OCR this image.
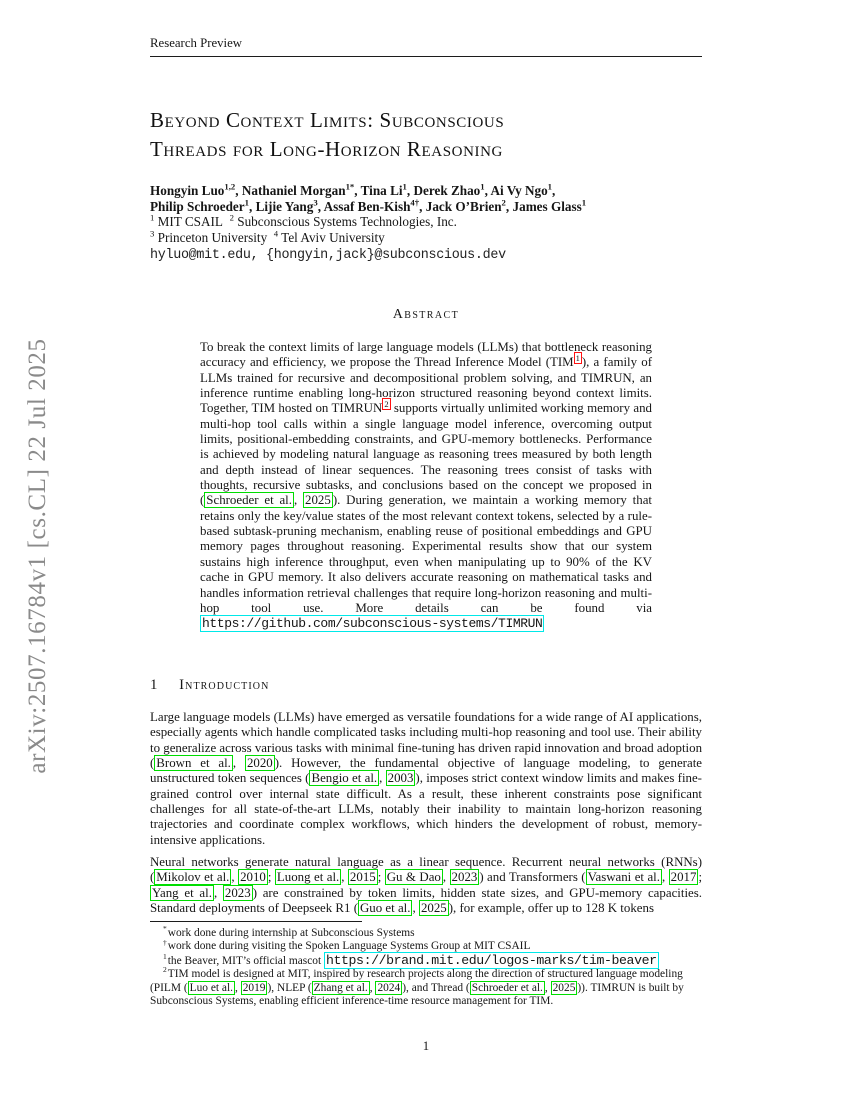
arXiv:2507.16784v1 [cs.CL] 22 Jul 2025
Research Preview
Beyond Context Limits: Subconscious
Threads for Long-Horizon Reasoning
Hongyin Luo$^{1,2}$, Nathaniel Morgan$^{1*}$, Tina Li$^1$, Derek Zhao$^1$, Ai Vy Ngo$^1$,
Philip Schroeder$^1$, Lijie Yang$^3$, Assaf Ben-Kish$^{4\dagger}$, Jack O’Brien$^2$, James Glass$^1$
$^1$ MIT CSAIL  $^2$ Subconscious Systems Technologies, Inc.
$^3$ Princeton University  $^4$ Tel Aviv University
hyluo@mit.edu, {hongyin,jack}@subconscious.dev
Abstract
To break the context limits of large language models (LLMs) that bottleneck reasoning accuracy and efficiency, we propose the Thread Inference Model (TIM $^1$ ), a family of LLMs trained for recursive and decompositional problem solving, and TIMRUN, an inference runtime enabling long-horizon structured reasoning beyond context limits. Together, TIM hosted on TIMRUN $^2$ supports virtually unlimited working memory and multi-hop tool calls within a single language model inference, overcoming output limits, positional-embedding constraints, and GPU-memory bottlenecks. Performance is achieved by modeling natural language as reasoning trees measured by both length and depth instead of linear sequences. The reasoning trees consist of tasks with thoughts, recursive subtasks, and conclusions based on the concept we proposed in ( Schroeder et al. , 2025 ). During generation, we maintain a working memory that retains only the key/value states of the most relevant context tokens, selected by a rule-based subtask-pruning mechanism, enabling reuse of positional embeddings and GPU memory pages throughout reasoning. Experimental results show that our system sustains high inference throughput, even when manipulating up to 90% of the KV cache in GPU memory. It also delivers accurate reasoning on mathematical tasks and handles information retrieval challenges that require long-horizon reasoning and multi-hop tool use. More details can be found via https://github.com/subconscious-systems/TIMRUN
1 Introduction
Large language models (LLMs) have emerged as versatile foundations for a wide range of AI applications, especially agents which handle complicated tasks including multi-hop reasoning and tool use. Their ability to generalize across various tasks with minimal fine-tuning has driven rapid innovation and broad adoption ( Brown et al. , 2020 ). However, the fundamental objective of language modeling, to generate unstructured token sequences ( Bengio et al. , 2003 ), imposes strict context window limits and makes fine-grained control over internal state difficult. As a result, these inherent constraints pose significant challenges for all state-of-the-art LLMs, notably their inability to maintain long-horizon reasoning trajectories and coordinate complex workflows, which hinders the development of robust, memory-intensive applications.
Neural networks generate natural language as a linear sequence. Recurrent neural networks (RNNs) ( Mikolov et al. , 2010 ; Luong et al. , 2015 ; Gu & Dao , 2023 ) and Transformers ( Vaswani et al. , 2017 ; Yang et al. , 2023 ) are constrained by token limits, hidden state sizes, and GPU-memory capacities. Standard deployments of Deepseek R1 ( Guo et al. , 2025 ), for example, offer up to 128 K tokens
*work done during internship at Subconscious Systems
†work done during visiting the Spoken Language Systems Group at MIT CSAIL
$^1$the Beaver, MIT’s official mascot https://brand.mit.edu/logos-marks/tim-beaver
$^2$TIM model is designed at MIT, inspired by research projects along the direction of structured language modeling (PILM ( Luo et al. , 2019 ), NLEP ( Zhang et al. , 2024 ), and Thread ( Schroeder et al. , 2025 )). TIMRUN is built by Subconscious Systems, enabling efficient inference-time resource management for TIM.
1
